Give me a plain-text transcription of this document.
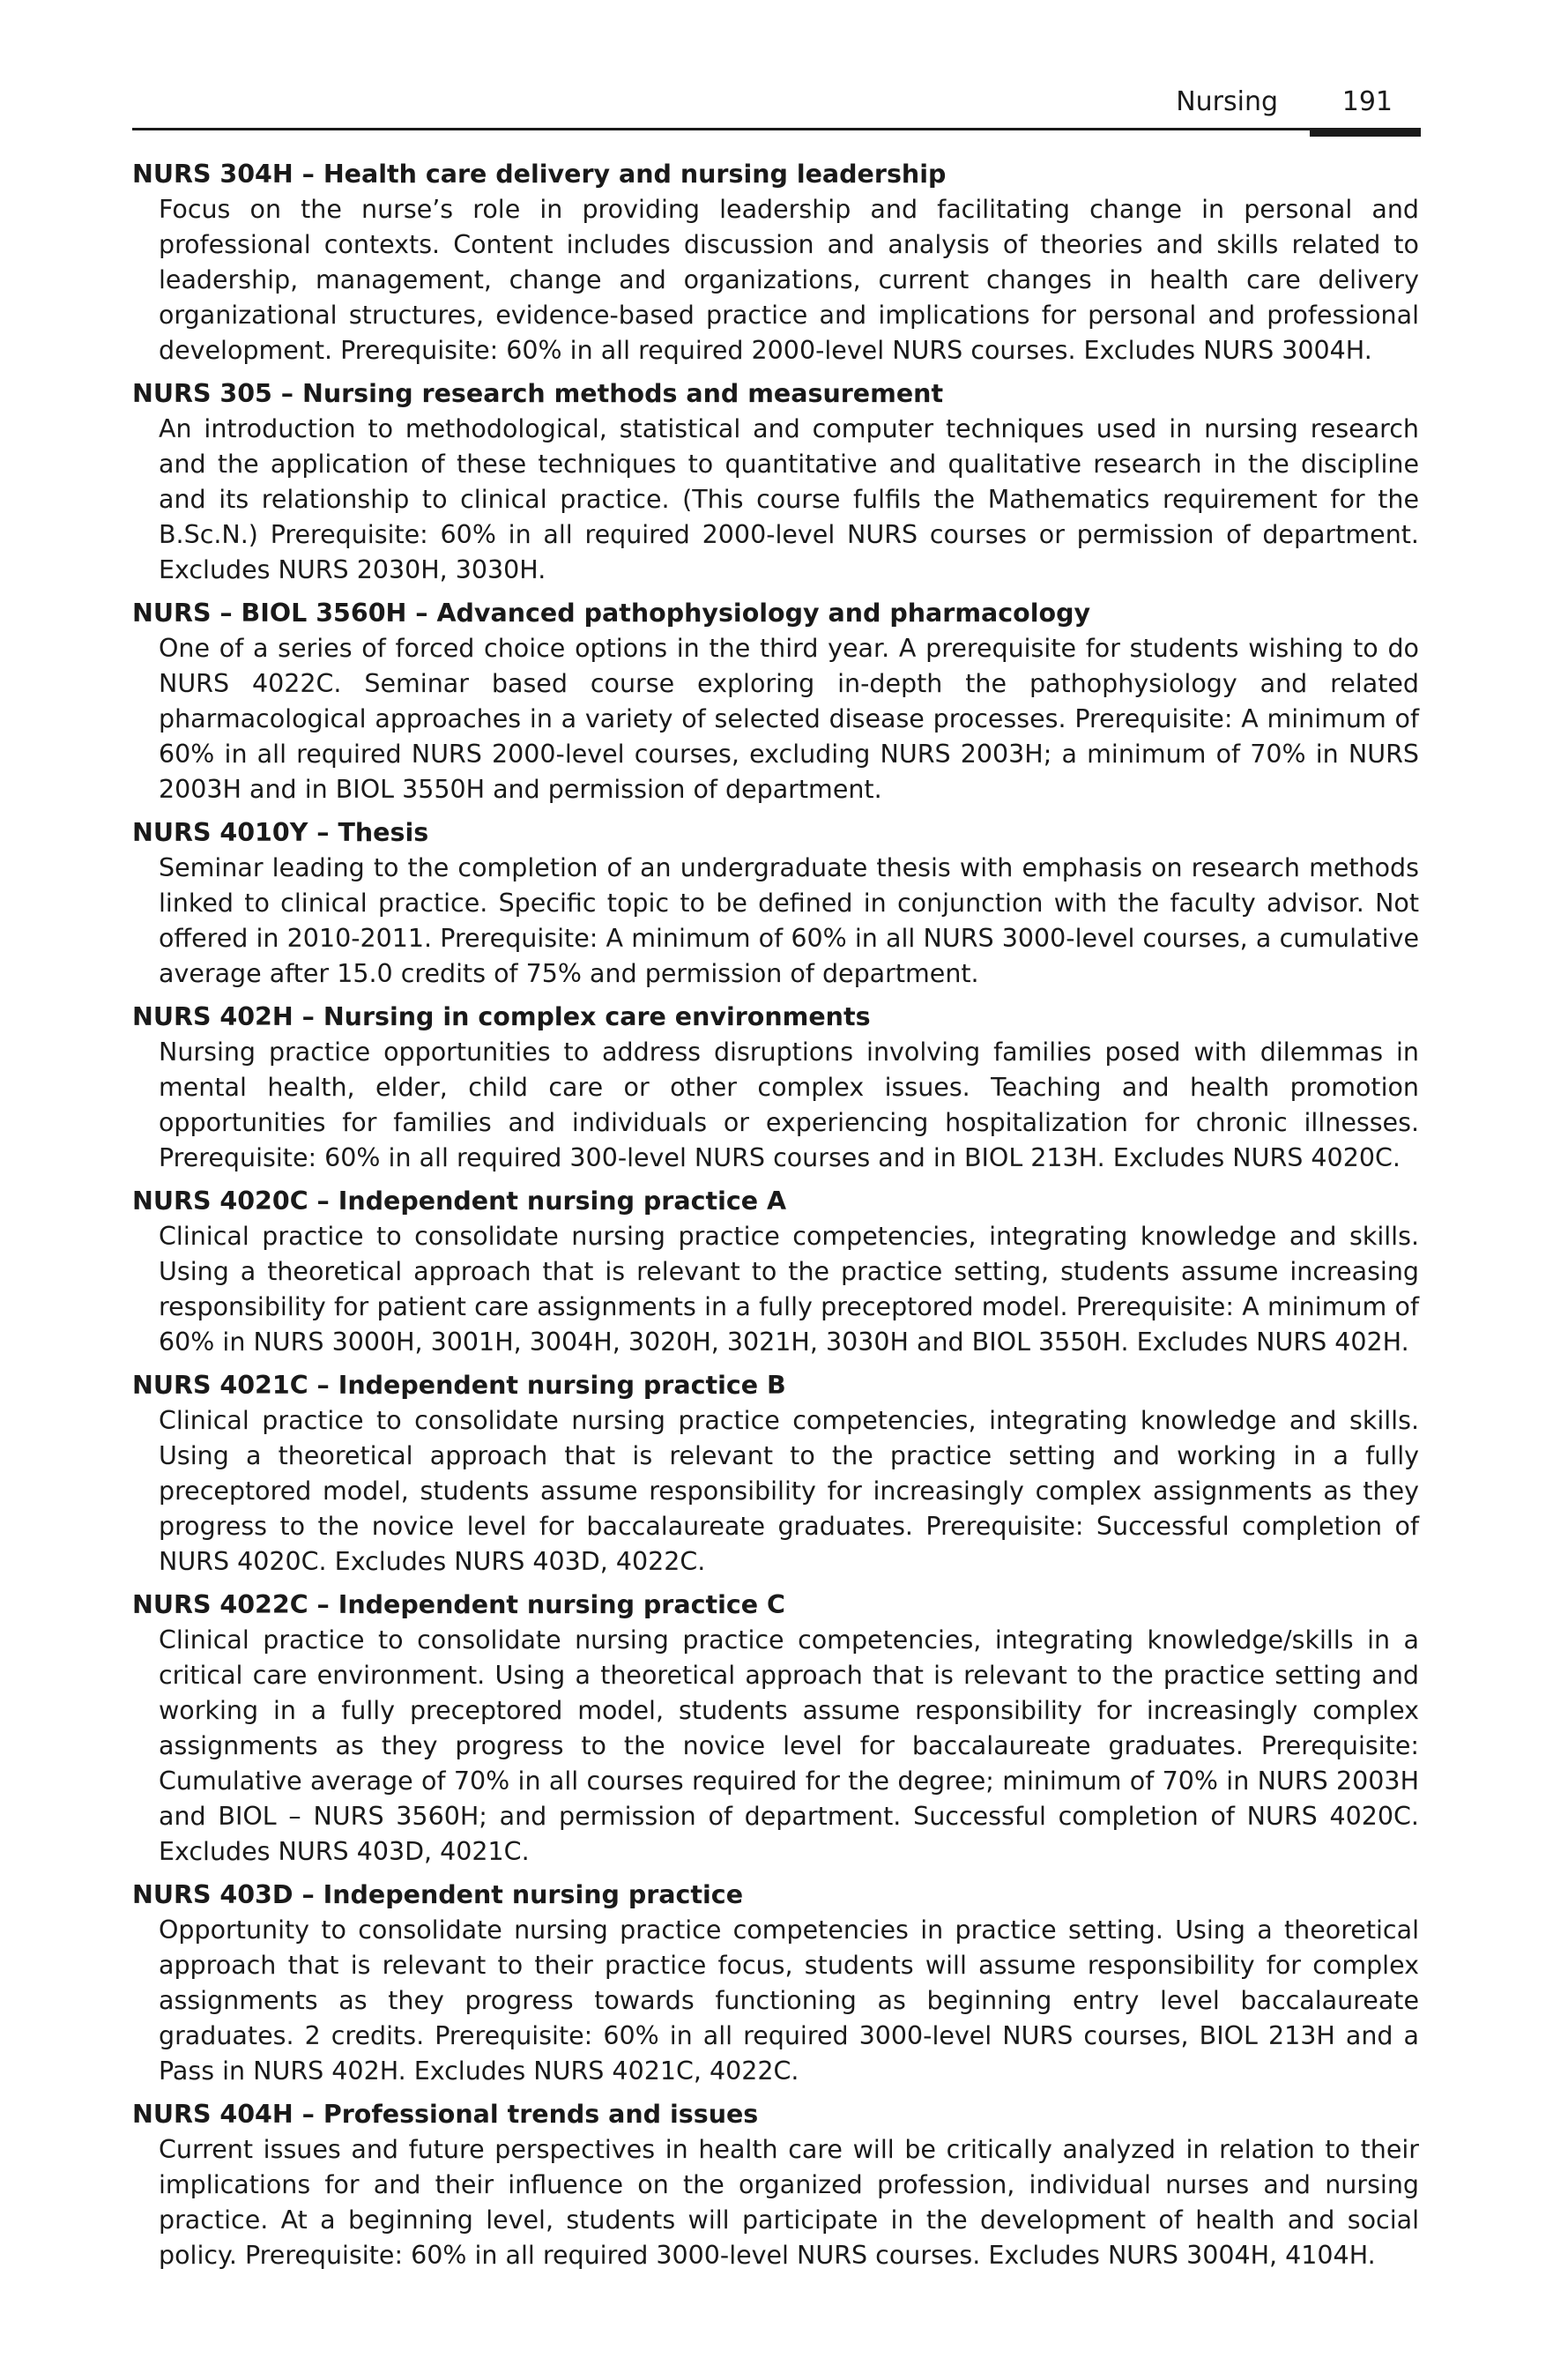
Nursing 191

NURS 304H – Health care delivery and nursing leadership

Focus on the nurse’s role in providing leadership and facilitating change in personal and professional contexts. Content includes discussion and analysis of theories and skills related to leadership, management, change and organizations, current changes in health care delivery organizational structures, evidence-based practice and implications for personal and professional development. Prerequisite: 60% in all required 2000-level NURS courses. Excludes NURS 3004H.

NURS 305 – Nursing research methods and measurement

An introduction to methodological, statistical and computer techniques used in nursing research and the application of these techniques to quantitative and qualitative research in the discipline and its relationship to clinical practice. (This course fulfils the Mathematics requirement for the B.Sc.N.) Prerequisite: 60% in all required 2000-level NURS courses or permission of department. Excludes NURS 2030H, 3030H.

NURS – BIOL 3560H – Advanced pathophysiology and pharmacology

One of a series of forced choice options in the third year. A prerequisite for students wishing to do NURS 4022C. Seminar based course exploring in-depth the pathophysiology and related pharmacological approaches in a variety of selected disease processes. Prerequisite: A minimum of 60% in all required NURS 2000-level courses, excluding NURS 2003H; a minimum of 70% in NURS 2003H and in BIOL 3550H and permission of department.

NURS 4010Y – Thesis

Seminar leading to the completion of an undergraduate thesis with emphasis on research methods linked to clinical practice. Specific topic to be defined in conjunction with the faculty advisor. Not offered in 2010-2011. Prerequisite: A minimum of 60% in all NURS 3000-level courses, a cumulative average after 15.0 credits of 75% and permission of department.

NURS 402H – Nursing in complex care environments

Nursing practice opportunities to address disruptions involving families posed with dilemmas in mental health, elder, child care or other complex issues. Teaching and health promotion opportunities for families and individuals or experiencing hospitalization for chronic illnesses. Prerequisite: 60% in all required 300-level NURS courses and in BIOL 213H. Excludes NURS 4020C.

NURS 4020C – Independent nursing practice A

Clinical practice to consolidate nursing practice competencies, integrating knowledge and skills. Using a theoretical approach that is relevant to the practice setting, students assume increasing responsibility for patient care assignments in a fully preceptored model. Prerequisite: A minimum of 60% in NURS 3000H, 3001H, 3004H, 3020H, 3021H, 3030H and BIOL 3550H. Excludes NURS 402H.

NURS 4021C – Independent nursing practice B

Clinical practice to consolidate nursing practice competencies, integrating knowledge and skills. Using a theoretical approach that is relevant to the practice setting and working in a fully preceptored model, students assume responsibility for increasingly complex assignments as they progress to the novice level for baccalaureate graduates. Prerequisite: Successful completion of NURS 4020C. Excludes NURS 403D, 4022C.

NURS 4022C – Independent nursing practice C

Clinical practice to consolidate nursing practice competencies, integrating knowledge/skills in a critical care environment. Using a theoretical approach that is relevant to the practice setting and working in a fully preceptored model, students assume responsibility for increasingly complex assignments as they progress to the novice level for baccalaureate graduates. Prerequisite: Cumulative average of 70% in all courses required for the degree; minimum of 70% in NURS 2003H and BIOL – NURS 3560H; and permission of department. Successful completion of NURS 4020C. Excludes NURS 403D, 4021C.

NURS 403D – Independent nursing practice

Opportunity to consolidate nursing practice competencies in practice setting. Using a theoretical approach that is relevant to their practice focus, students will assume responsibility for complex assignments as they progress towards functioning as beginning entry level baccalaureate graduates. 2 credits. Prerequisite: 60% in all required 3000-level NURS courses, BIOL 213H and a Pass in NURS 402H. Excludes NURS 4021C, 4022C.

NURS 404H – Professional trends and issues

Current issues and future perspectives in health care will be critically analyzed in relation to their implications for and their influence on the organized profession, individual nurses and nursing practice. At a beginning level, students will participate in the development of health and social policy. Prerequisite: 60% in all required 3000-level NURS courses. Excludes NURS 3004H, 4104H.
